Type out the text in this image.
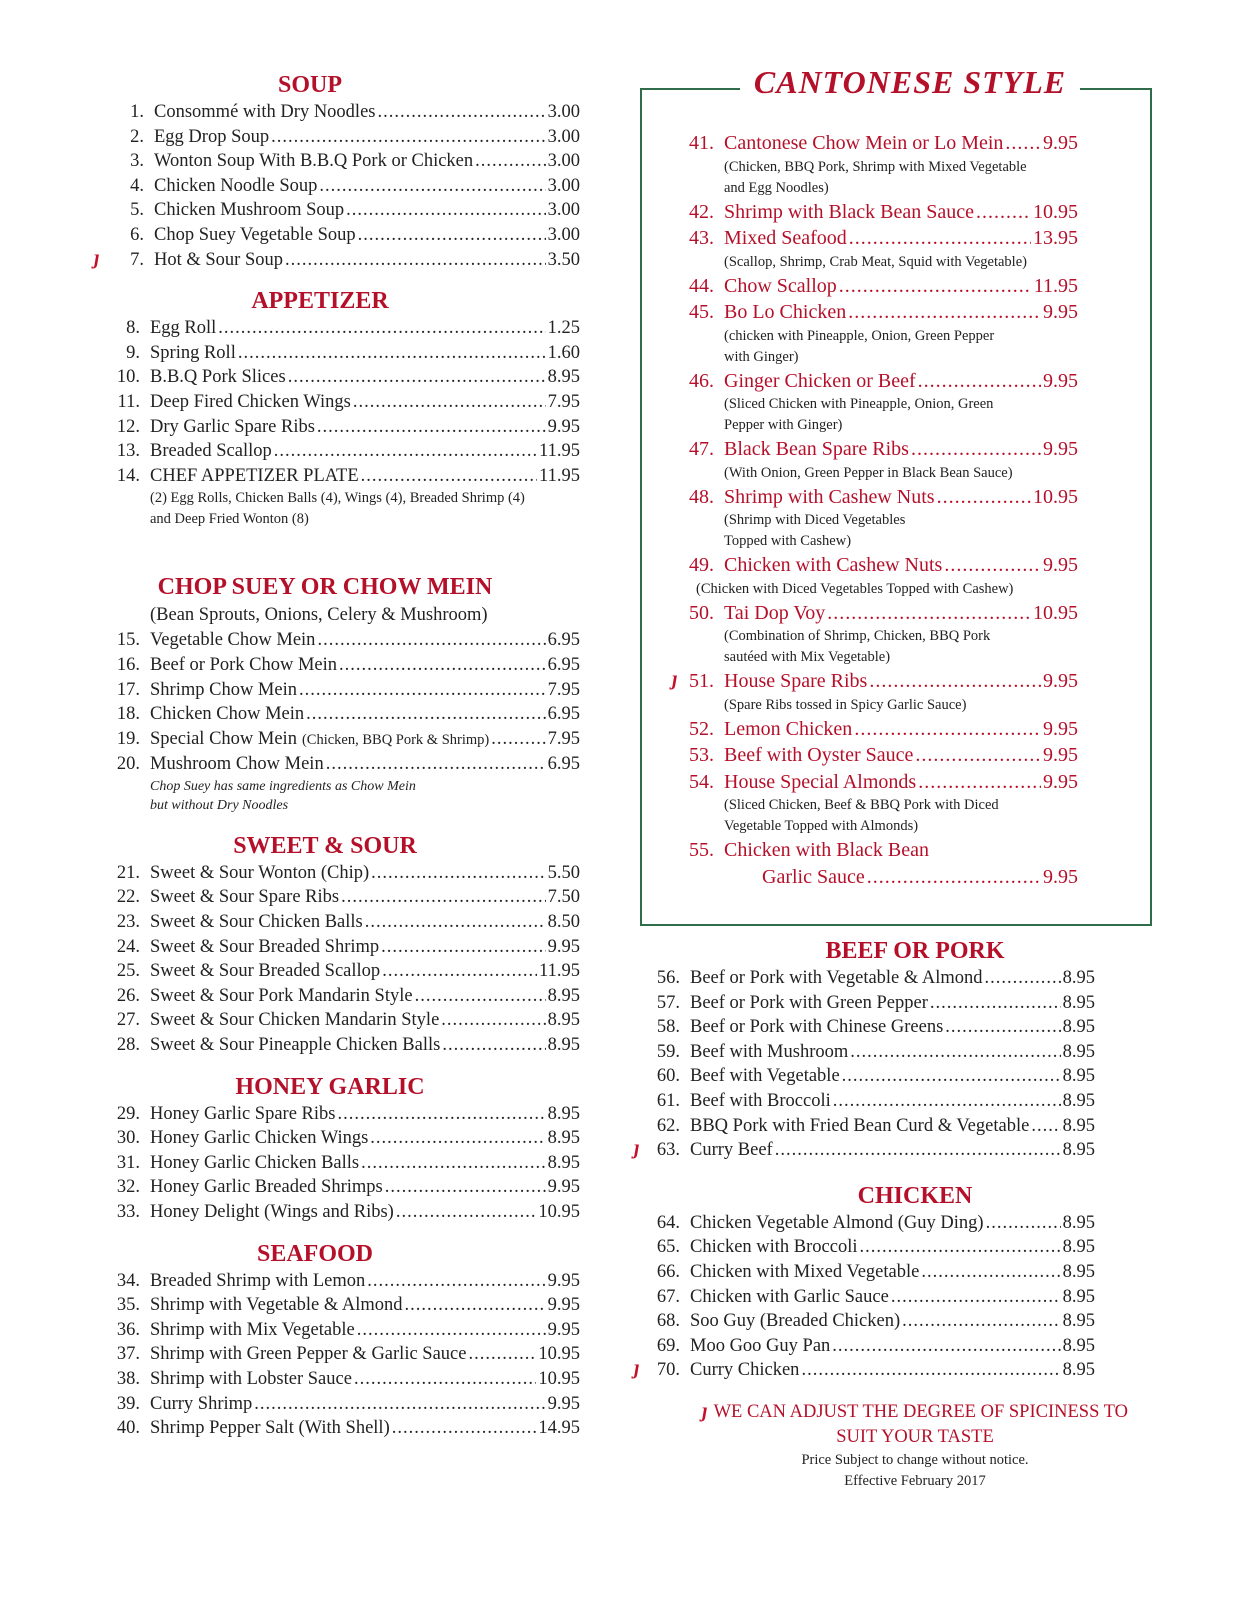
SOUP
1. Consommé with Dry Noodles .....	3.00
2. Egg Drop Soup .....	3.00
3. Wonton Soup With B.B.Q Pork or Chicken .....	3.00
4. Chicken Noodle Soup .....	3.00
5. Chicken Mushroom Soup .....	3.00
6. Chop Suey Vegetable Soup .....	3.00
ȷ	7. Hot & Sour Soup .....	3.50
APPETIZER
8. Egg Roll .....	1.25
9. Spring Roll .....	1.60
10. B.B.Q Pork Slices .....	8.95
11. Deep Fired Chicken Wings .....	7.95
12. Dry Garlic Spare Ribs .....	9.95
13. Breaded Scallop .....	11.95
14. CHEF APPETIZER PLATE .....	11.95
(2) Egg Rolls, Chicken Balls (4), Wings (4), Breaded Shrimp (4)
and Deep Fried Wonton (8)
CHOP SUEY OR CHOW MEIN
(Bean Sprouts, Onions, Celery & Mushroom)
15. Vegetable Chow Mein .....	6.95
16. Beef or Pork Chow Mein .....	6.95
17. Shrimp Chow Mein .....	7.95
18. Chicken Chow Mein .....	6.95
19. Special Chow Mein (Chicken, BBQ Pork & Shrimp) .....	7.95
20. Mushroom Chow Mein .....	6.95
Chop Suey has same ingredients as Chow Mein
but without Dry Noodles
SWEET & SOUR
21. Sweet & Sour Wonton (Chip) .....	5.50
22. Sweet & Sour Spare Ribs .....	7.50
23. Sweet & Sour Chicken Balls .....	8.50
24. Sweet & Sour Breaded Shrimp .....	9.95
25. Sweet & Sour Breaded Scallop .....	11.95
26. Sweet & Sour Pork Mandarin Style .....	8.95
27. Sweet & Sour Chicken Mandarin Style .....	8.95
28. Sweet & Sour Pineapple Chicken Balls .....	8.95
HONEY GARLIC
29. Honey Garlic Spare Ribs .....	8.95
30. Honey Garlic Chicken Wings .....	8.95
31. Honey Garlic Chicken Balls .....	8.95
32. Honey Garlic Breaded Shrimps .....	9.95
33. Honey Delight (Wings and Ribs) .....	10.95
SEAFOOD
34. Breaded Shrimp with Lemon .....	9.95
35. Shrimp with Vegetable & Almond .....	9.95
36. Shrimp with Mix Vegetable .....	9.95
37. Shrimp with Green Pepper & Garlic Sauce .....	10.95
38. Shrimp with Lobster Sauce .....	10.95
39. Curry Shrimp .....	9.95
40. Shrimp Pepper Salt (With Shell) .....	14.95
CANTONESE STYLE
41. Cantonese Chow Mein or Lo Mein ..... 9.95
(Chicken, BBQ Pork, Shrimp with Mixed Vegetable
and Egg Noodles)
42. Shrimp with Black Bean Sauce .....	10.95
43. Mixed Seafood .....	13.95
(Scallop, Shrimp, Crab Meat, Squid with Vegetable)
44. Chow Scallop .....	11.95
45. Bo Lo Chicken .....	9.95
(chicken with Pineapple, Onion, Green Pepper
with Ginger)
46. Ginger Chicken or Beef .....	9.95
(Sliced Chicken with Pineapple, Onion, Green
Pepper with Ginger)
47. Black Bean Spare Ribs .....	9.95
(With Onion, Green Pepper in Black Bean Sauce)
48. Shrimp with Cashew Nuts .....	10.95
(Shrimp with Diced Vegetables
Topped with Cashew)
49. Chicken with Cashew Nuts .....	9.95
(Chicken with Diced Vegetables Topped with Cashew)
50. Tai Dop Voy .....	10.95
(Combination of Shrimp, Chicken, BBQ Pork
sautéed with Mix Vegetable)
ȷ 51. House Spare Ribs .....	9.95
(Spare Ribs tossed in Spicy Garlic Sauce)
52. Lemon Chicken .....	9.95
53. Beef with Oyster Sauce .....	9.95
54. House Special Almonds .....	9.95
(Sliced Chicken, Beef & BBQ Pork with Diced
Vegetable Topped with Almonds)
55. Chicken with Black Bean
Garlic Sauce .....	9.95
BEEF OR PORK
56. Beef or Pork with Vegetable & Almond .....	8.95
57. Beef or Pork with Green Pepper .....	8.95
58. Beef or Pork with Chinese Greens .....	8.95
59. Beef with Mushroom .....	8.95
60. Beef with Vegetable .....	8.95
61. Beef with Broccoli .....	8.95
62. BBQ Pork with Fried Bean Curd & Vegetable ..... 8.95
ȷ 63. Curry Beef .....	8.95
CHICKEN
64. Chicken Vegetable Almond (Guy Ding) .....	8.95
65. Chicken with Broccoli .....	8.95
66. Chicken with Mixed Vegetable .....	8.95
67. Chicken with Garlic Sauce .....	8.95
68. Soo Guy (Breaded Chicken) .....	8.95
69. Moo Goo Guy Pan .....	8.95
ȷ 70. Curry Chicken .....	8.95
ȷ WE CAN ADJUST THE DEGREE OF SPICINESS TO
SUIT YOUR TASTE
Price Subject to change without notice.
Effective February 2017
